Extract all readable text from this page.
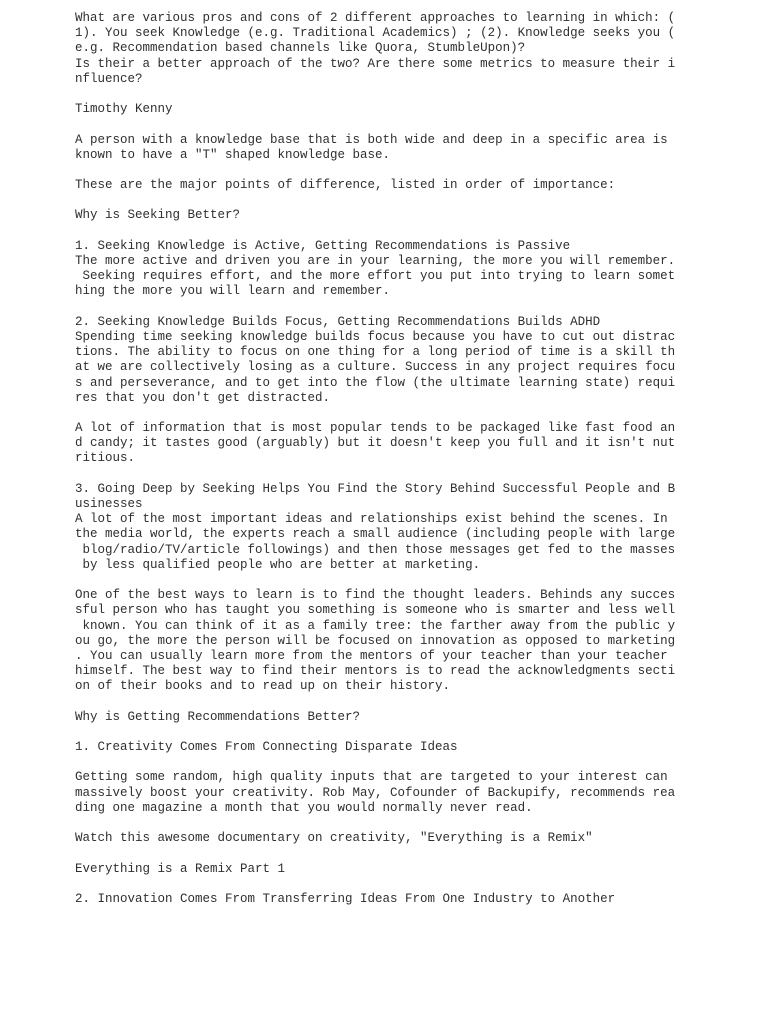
What are various pros and cons of 2 different approaches to learning in which: (
1). You seek Knowledge (e.g. Traditional Academics) ; (2). Knowledge seeks you (
e.g. Recommendation based channels like Quora, StumbleUpon)?
Is their a better approach of the two? Are there some metrics to measure their i
nfluence?
Timothy Kenny
A person with a knowledge base that is both wide and deep in a specific area is
known to have a "T" shaped knowledge base.
These are the major points of difference, listed in order of importance:
Why is Seeking Better?
1. Seeking Knowledge is Active, Getting Recommendations is Passive
The more active and driven you are in your learning, the more you will remember.
Seeking requires effort, and the more effort you put into trying to learn somet
hing the more you will learn and remember.
2. Seeking Knowledge Builds Focus, Getting Recommendations Builds ADHD
Spending time seeking knowledge builds focus because you have to cut out distrac
tions. The ability to focus on one thing for a long period of time is a skill th
at we are collectively losing as a culture. Success in any project requires focu
s and perseverance, and to get into the flow (the ultimate learning state) requi
res that you don't get distracted.
A lot of information that is most popular tends to be packaged like fast food an
d candy; it tastes good (arguably) but it doesn't keep you full and it isn't nut
ritious.
3. Going Deep by Seeking Helps You Find the Story Behind Successful People and B
usinesses
A lot of the most important ideas and relationships exist behind the scenes. In
the media world, the experts reach a small audience (including people with large
blog/radio/TV/article followings) and then those messages get fed to the masses
by less qualified people who are better at marketing.
One of the best ways to learn is to find the thought leaders. Behinds any succes
sful person who has taught you something is someone who is smarter and less well
known. You can think of it as a family tree: the farther away from the public y
ou go, the more the person will be focused on innovation as opposed to marketing
. You can usually learn more from the mentors of your teacher than your teacher
himself. The best way to find their mentors is to read the acknowledgments secti
on of their books and to read up on their history.
Why is Getting Recommendations Better?
1. Creativity Comes From Connecting Disparate Ideas
Getting some random, high quality inputs that are targeted to your interest can
massively boost your creativity. Rob May, Cofounder of Backupify, recommends rea
ding one magazine a month that you would normally never read.
Watch this awesome documentary on creativity, "Everything is a Remix"
Everything is a Remix Part 1
2. Innovation Comes From Transferring Ideas From One Industry to Another
